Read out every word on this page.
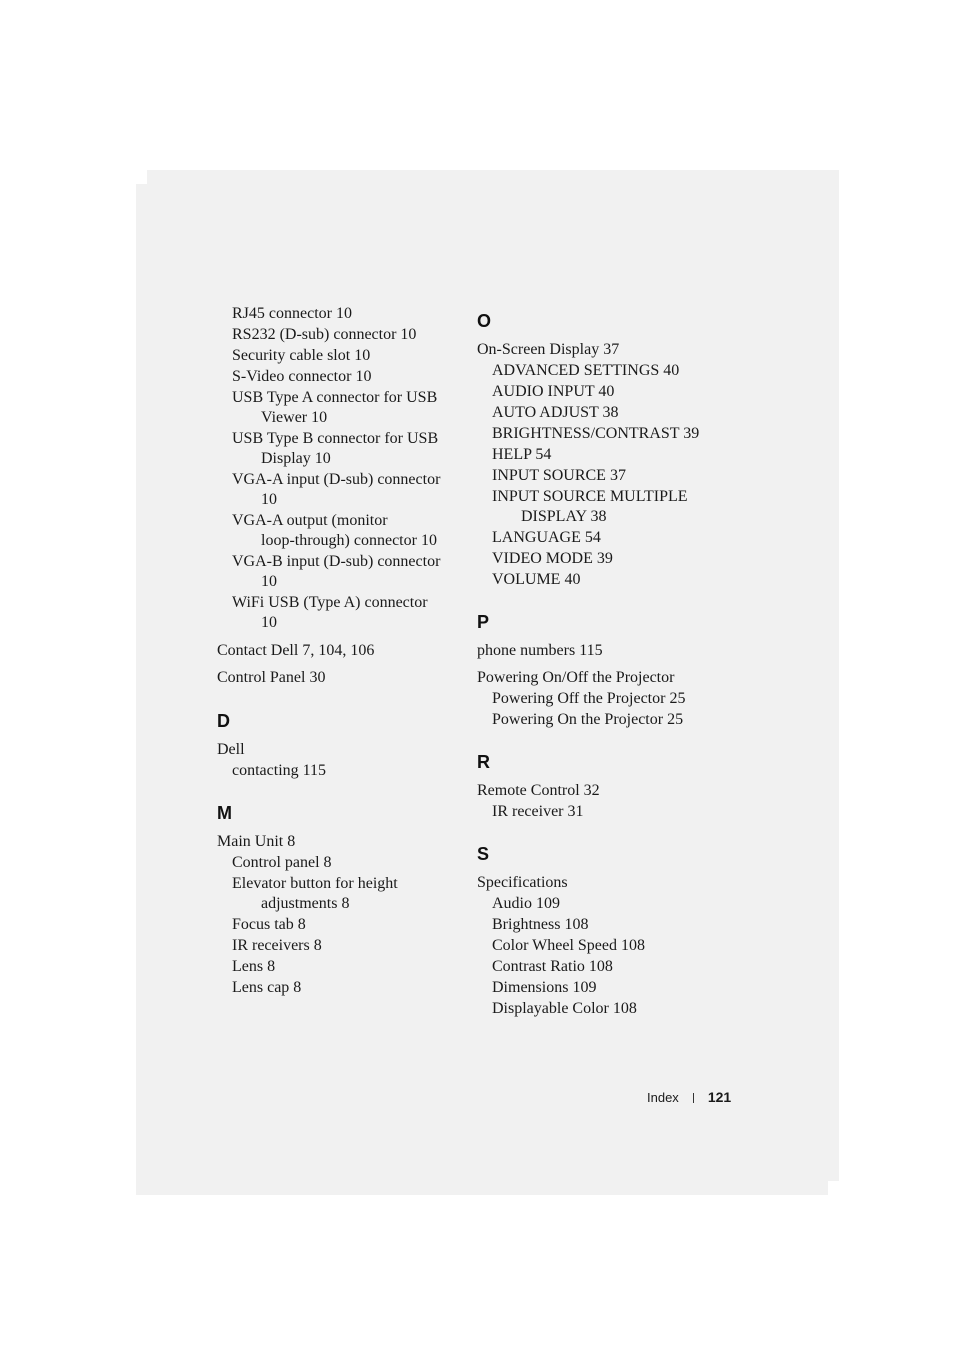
RJ45 connector 10

RS232 (D-sub) connector 10

Security cable slot 10

S-Video connector 10

USB Type A connector for USB

Viewer 10

USB Type B connector for USB

Display 10

VGA-A input (D-sub) connector

10

VGA-A output (monitor

loop-through) connector 10

VGA-B input (D-sub) connector

10

WiFi USB (Type A) connector

10

Contact Dell 7, 104, 106

Control Panel 30

D

Dell

contacting 115

M

Main Unit 8

Control panel 8

Elevator button for height

adjustments 8

Focus tab 8

IR receivers 8

Lens 8

Lens cap 8

O

On-Screen Display 37

ADVANCED SETTINGS 40

AUDIO INPUT 40

AUTO ADJUST 38

BRIGHTNESS/CONTRAST 39

HELP 54

INPUT SOURCE 37

INPUT SOURCE MULTIPLE

DISPLAY 38

LANGUAGE 54

VIDEO MODE 39

VOLUME 40

P

phone numbers 115

Powering On/Off the Projector

Powering Off the Projector 25

Powering On the Projector 25

R

Remote Control 32

IR receiver 31

S

Specifications

Audio 109

Brightness 108

Color Wheel Speed 108

Contrast Ratio 108

Dimensions 109

Displayable Color 108

Index 121
